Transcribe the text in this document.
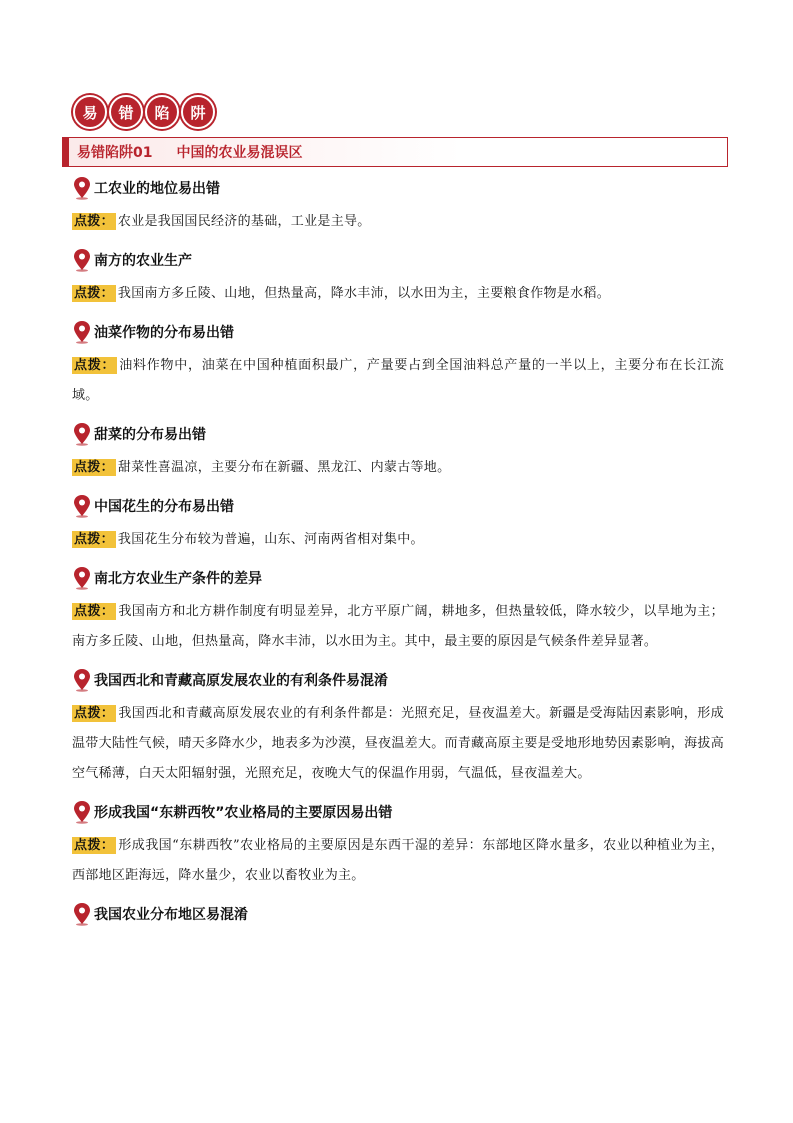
易	错	陷	阱
易错陷阱01 中国的农业易混误区
工农业的地位易出错

点拨： 农业是我国国民经济的基础，工业是主导。

南方的农业生产

点拨： 我国南方多丘陵、山地，但热量高，降水丰沛，以水田为主，主要粮食作物是水稻。

油菜作物的分布易出错

点拨： 油料作物中，油菜在中国种植面积最广，产量要占到全国油料总产量的一半以上，主要分布在长江流域。

甜菜的分布易出错

点拨： 甜菜性喜温凉，主要分布在新疆、黑龙江、内蒙古等地。

中国花生的分布易出错

点拨： 我国花生分布较为普遍，山东、河南两省相对集中。

南北方农业生产条件的差异

点拨： 我国南方和北方耕作制度有明显差异，北方平原广阔，耕地多，但热量较低，降水较少，以旱地为主；南方多丘陵、山地，但热量高，降水丰沛，以水田为主。其中，最主要的原因是气候条件差异显著。

我国西北和青藏高原发展农业的有利条件易混淆

点拨： 我国西北和青藏高原发展农业的有利条件都是：光照充足，昼夜温差大。新疆是受海陆因素影响，形成温带大陆性气候，晴天多降水少，地表多为沙漠，昼夜温差大。而青藏高原主要是受地形地势因素影响，海拔高空气稀薄，白天太阳辐射强，光照充足，夜晚大气的保温作用弱，气温低，昼夜温差大。

形成我国“东耕西牧”农业格局的主要原因易出错

点拨： 形成我国“东耕西牧”农业格局的主要原因是东西干湿的差异：东部地区降水量多，农业以种植业为主，西部地区距海远，降水量少，农业以畜牧业为主。

我国农业分布地区易混淆
